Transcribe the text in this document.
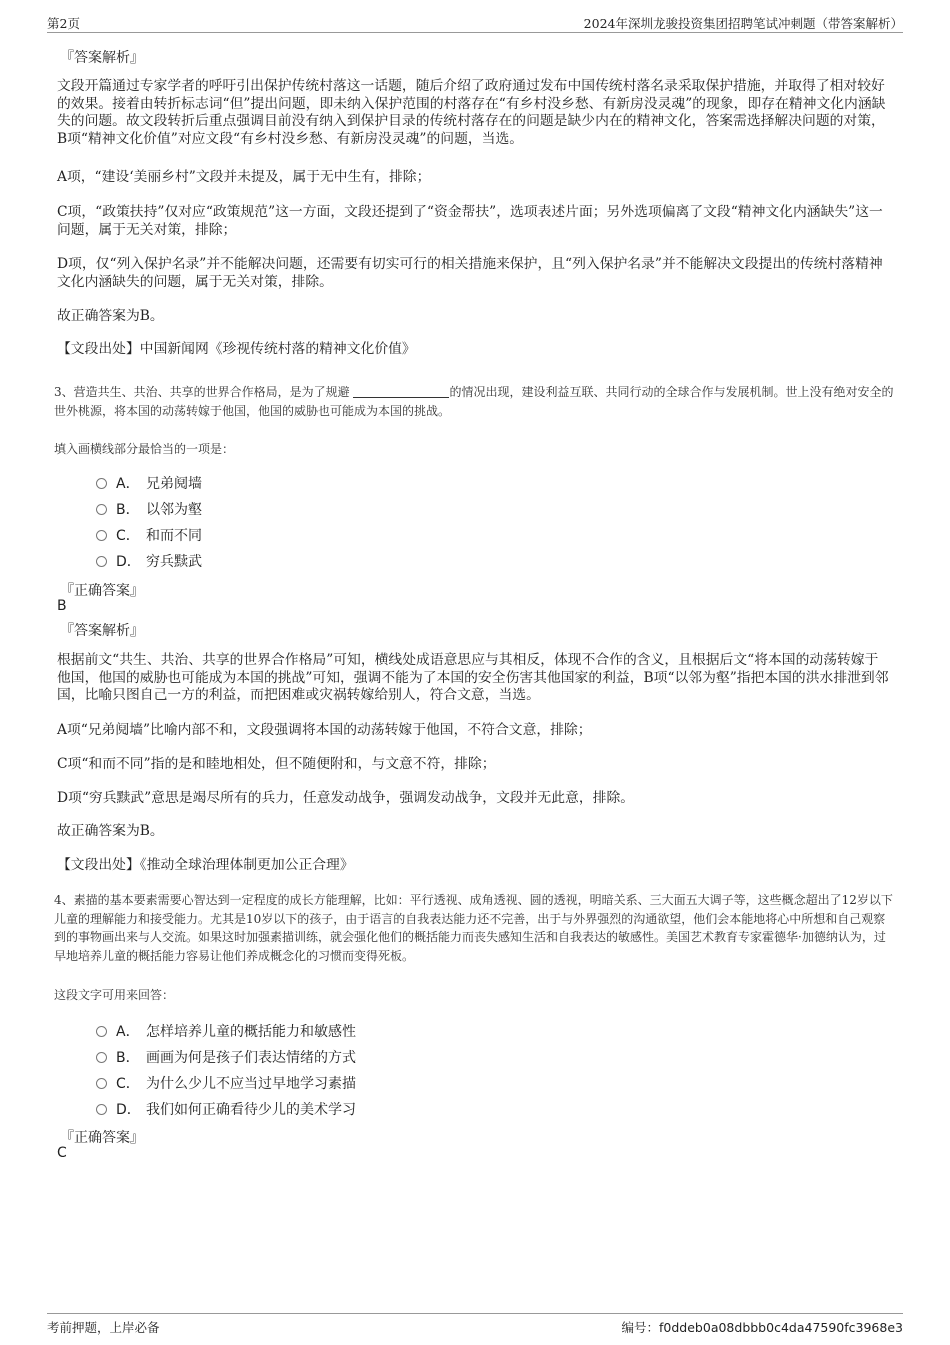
第2页	2024年深圳龙骏投资集团招聘笔试冲刺题（带答案解析）
『答案解析』
文段开篇通过专家学者的呼吁引出保护传统村落这一话题，随后介绍了政府通过发布中国传统村落名录采取保护措施，并取得了相对较好的效果。接着由转折标志词“但”提出问题，即未纳入保护范围的村落存在“有乡村没乡愁、有新房没灵魂”的现象，即存在精神文化内涵缺失的问题。故文段转折后重点强调目前没有纳入到保护目录的传统村落存在的问题是缺少内在的精神文化，答案需选择解决问题的对策，B项“精神文化价值”对应文段“有乡村没乡愁、有新房没灵魂”的问题，当选。
A项，“建设‘美丽乡村”文段并未提及，属于无中生有，排除；
C项，“政策扶持”仅对应“政策规范”这一方面，文段还提到了“资金帮扶”，选项表述片面；另外选项偏离了文段“精神文化内涵缺失”这一问题，属于无关对策，排除；
D项，仅“列入保护名录”并不能解决问题，还需要有切实可行的相关措施来保护，且“列入保护名录”并不能解决文段提出的传统村落精神文化内涵缺失的问题，属于无关对策，排除。
故正确答案为B。
【文段出处】中国新闻网《珍视传统村落的精神文化价值》
3、营造共生、共治、共享的世界合作格局，是为了规避	的情况出现，建设利益互联、共同行动的全球合作与发展机制。世上没有绝对安全的世外桃源，将本国的动荡转嫁于他国，他国的威胁也可能成为本国的挑战。
填入画横线部分最恰当的一项是：
A． 兄弟阋墙
B． 以邻为壑
C． 和而不同
D． 穷兵黩武
『正确答案』
B
『答案解析』
根据前文“共生、共治、共享的世界合作格局”可知，横线处成语意思应与其相反，体现不合作的含义，且根据后文“将本国的动荡转嫁于他国，他国的威胁也可能成为本国的挑战”可知，强调不能为了本国的安全伤害其他国家的利益，B项“以邻为壑”指把本国的洪水排泄到邻国，比喻只图自己一方的利益，而把困难或灾祸转嫁给别人，符合文意，当选。
A项“兄弟阋墙”比喻内部不和，文段强调将本国的动荡转嫁于他国，不符合文意，排除；
C项“和而不同”指的是和睦地相处，但不随便附和，与文意不符，排除；
D项“穷兵黩武”意思是竭尽所有的兵力，任意发动战争，强调发动战争，文段并无此意，排除。
故正确答案为B。
【文段出处】《推动全球治理体制更加公正合理》
4、素描的基本要素需要心智达到一定程度的成长方能理解，比如：平行透视、成角透视、圆的透视，明暗关系、三大面五大调子等，这些概念超出了12岁以下儿童的理解能力和接受能力。尤其是10岁以下的孩子，由于语言的自我表达能力还不完善，出于与外界强烈的沟通欲望，他们会本能地将心中所想和自己观察到的事物画出来与人交流。如果这时加强素描训练，就会强化他们的概括能力而丧失感知生活和自我表达的敏感性。美国艺术教育专家霍德华·加德纳认为，过早地培养儿童的概括能力容易让他们养成概念化的习惯而变得死板。
这段文字可用来回答：
A． 怎样培养儿童的概括能力和敏感性
B． 画画为何是孩子们表达情绪的方式
C． 为什么少儿不应当过早地学习素描
D． 我们如何正确看待少儿的美术学习
『正确答案』
C
考前押题，上岸必备	编号：f0ddeb0a08dbbb0c4da47590fc3968e3
